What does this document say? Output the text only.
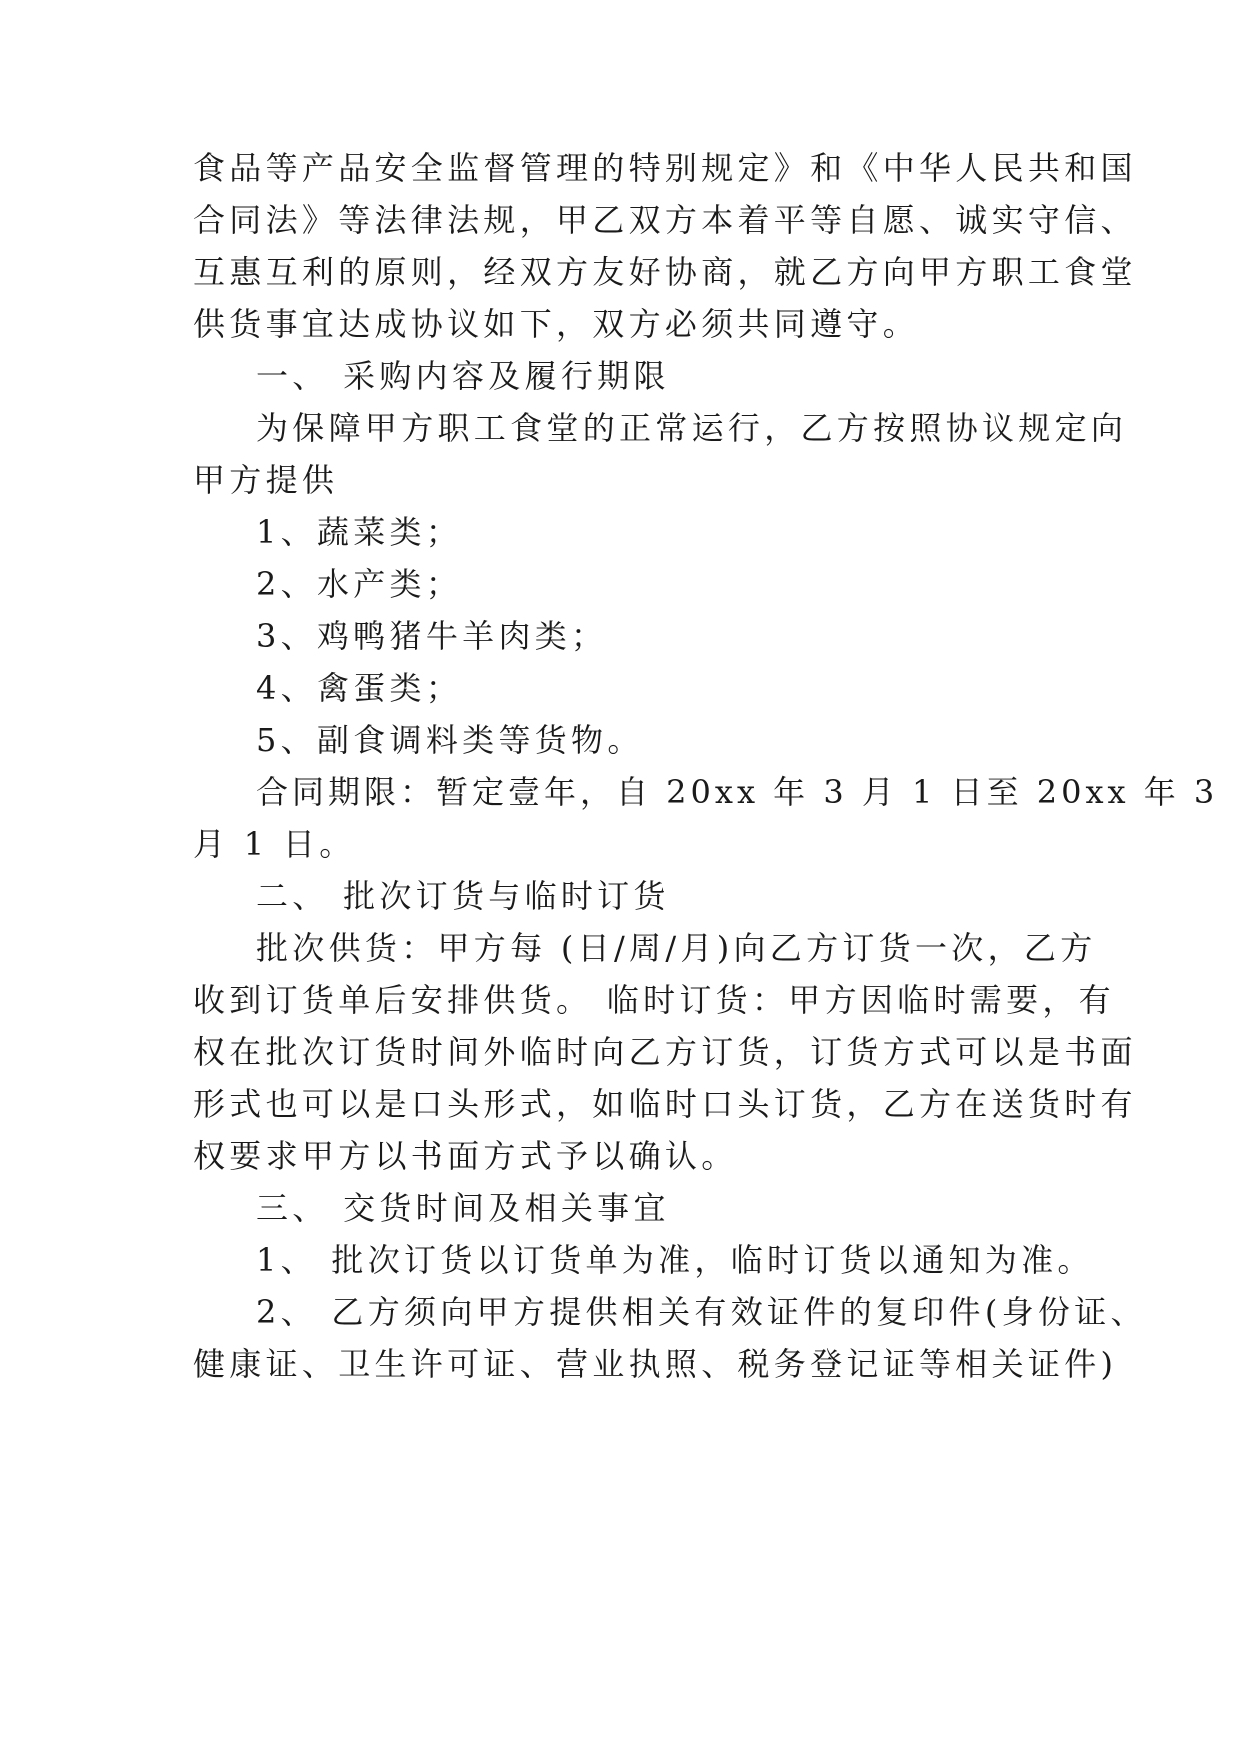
食品等产品安全监督管理的特别规定》和《中华人民共和国
合同法》等法律法规，甲乙双方本着平等自愿、诚实守信、
互惠互利的原则，经双方友好协商，就乙方向甲方职工食堂
供货事宜达成协议如下，双方必须共同遵守。
一、 采购内容及履行期限
为保障甲方职工食堂的正常运行，乙方按照协议规定向
甲方提供
1、蔬菜类；
2、水产类；
3、鸡鸭猪牛羊肉类；
4、禽蛋类；
5、副食调料类等货物。
合同期限：暂定壹年，自 20xx 年 3 月 1 日至 20xx 年 3
月 1 日。
二、 批次订货与临时订货
批次供货：甲方每 (日/周/月)向乙方订货一次，乙方
收到订货单后安排供货。 临时订货：甲方因临时需要，有
权在批次订货时间外临时向乙方订货，订货方式可以是书面
形式也可以是口头形式，如临时口头订货，乙方在送货时有
权要求甲方以书面方式予以确认。
三、 交货时间及相关事宜
1、 批次订货以订货单为准，临时订货以通知为准。
2、 乙方须向甲方提供相关有效证件的复印件(身份证、
健康证、卫生许可证、营业执照、税务登记证等相关证件)
